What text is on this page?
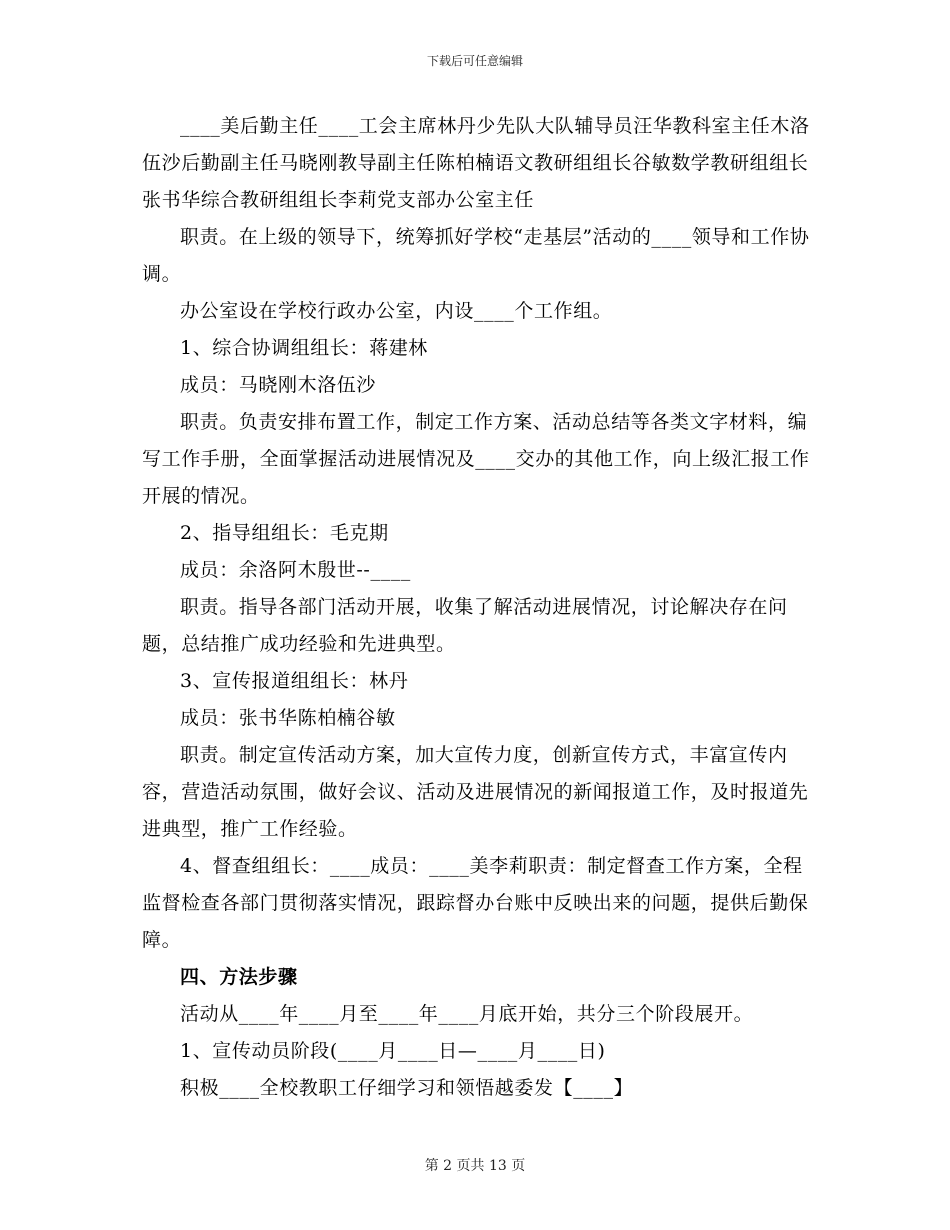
下载后可任意编辑

____美后勤主任____工会主席林丹少先队大队辅导员汪华教科室主任木洛伍沙后勤副主任马晓刚教导副主任陈柏楠语文教研组组长谷敏数学教研组组长张书华综合教研组组长李莉党支部办公室主任

职责。在上级的领导下，统筹抓好学校“走基层”活动的____领导和工作协调。

办公室设在学校行政办公室，内设____个工作组。

1、综合协调组组长：蒋建林

成员：马晓刚木洛伍沙

职责。负责安排布置工作，制定工作方案、活动总结等各类文字材料，编写工作手册，全面掌握活动进展情况及____交办的其他工作，向上级汇报工作开展的情况。

2、指导组组长：毛克期

成员：余洛阿木殷世--____

职责。指导各部门活动开展，收集了解活动进展情况，讨论解决存在问题，总结推广成功经验和先进典型。

3、宣传报道组组长：林丹

成员：张书华陈柏楠谷敏

职责。制定宣传活动方案，加大宣传力度，创新宣传方式，丰富宣传内容，营造活动氛围，做好会议、活动及进展情况的新闻报道工作，及时报道先进典型，推广工作经验。

4、督查组组长：____成员：____美李莉职责：制定督查工作方案，全程监督检查各部门贯彻落实情况，跟踪督办台账中反映出来的问题，提供后勤保障。

四、方法步骤

活动从____年____月至____年____月底开始，共分三个阶段展开。

1、宣传动员阶段(____月____日—____月____日)

积极____全校教职工仔细学习和领悟越委发【____】

第 2 页共 13 页
